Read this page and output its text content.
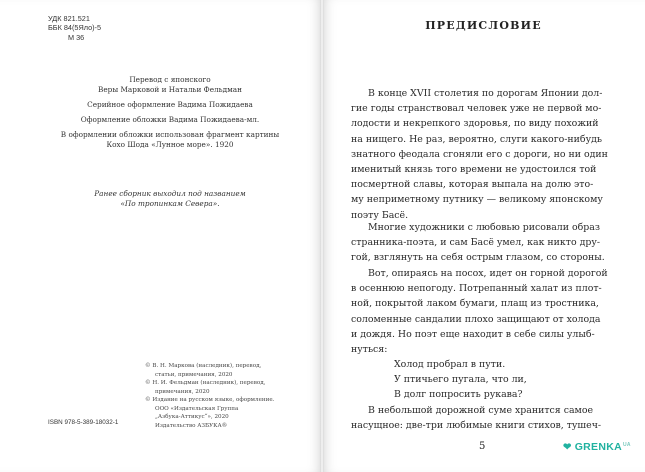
УДК 821.521
ББК 84(5Яло)-5
М 36
Перевод с японского
Веры Марковой и Натальи Фельдман
Серийное оформление Вадима Пожидаева
Оформление обложки Вадима Пожидаева-мл.
В оформлении обложки использован фрагмент картины
Кохо Шода «Лунное море». 1920
Ранее сборник выходил под названием
«По тропинкам Севера».
© В. Н. Маркова (наследник), перевод,
статьи, примечания, 2020
© Н. И. Фельдман (наследник), перевод,
примечания, 2020
© Издание на русском языке, оформление.
ООО «Издательская Группа
„Азбука-Аттикус“», 2020
Издательство АЗБУКА®
ISBN 978-5-389-18032-1
ПРЕДИСЛОВИЕ
В конце XVII столетия по дорогам Японии дол-
гие годы странствовал человек уже не первой мо-
лодости и некрепкого здоровья, по виду похожий
на нищего. Не раз, вероятно, слуги какого-нибудь
знатного феодала сгоняли его с дороги, но ни один
именитый князь того времени не удостоился той
посмертной славы, которая выпала на долю это-
му неприметному путнику — великому японскому
поэту Басё.
Многие художники с любовью рисовали образ
странника-поэта, и сам Басё умел, как никто дру-
гой, взглянуть на себя острым глазом, со стороны.
Вот, опираясь на посох, идет он горной дорогой
в осеннюю непогоду. Потрепанный халат из плот-
ной, покрытой лаком бумаги, плащ из тростника,
соломенные сандалии плохо защищают от холода
и дождя. Но поэт еще находит в себе силы улыб-
нуться:
Холод пробрал в пути.
У птичьего пугала, что ли,
В долг попросить рукава?
5	❤ $GRENKA^{UA}$
В небольшой дорожной суме хранится самое
насущное: две-три любимые книги стихов, тушеч-
